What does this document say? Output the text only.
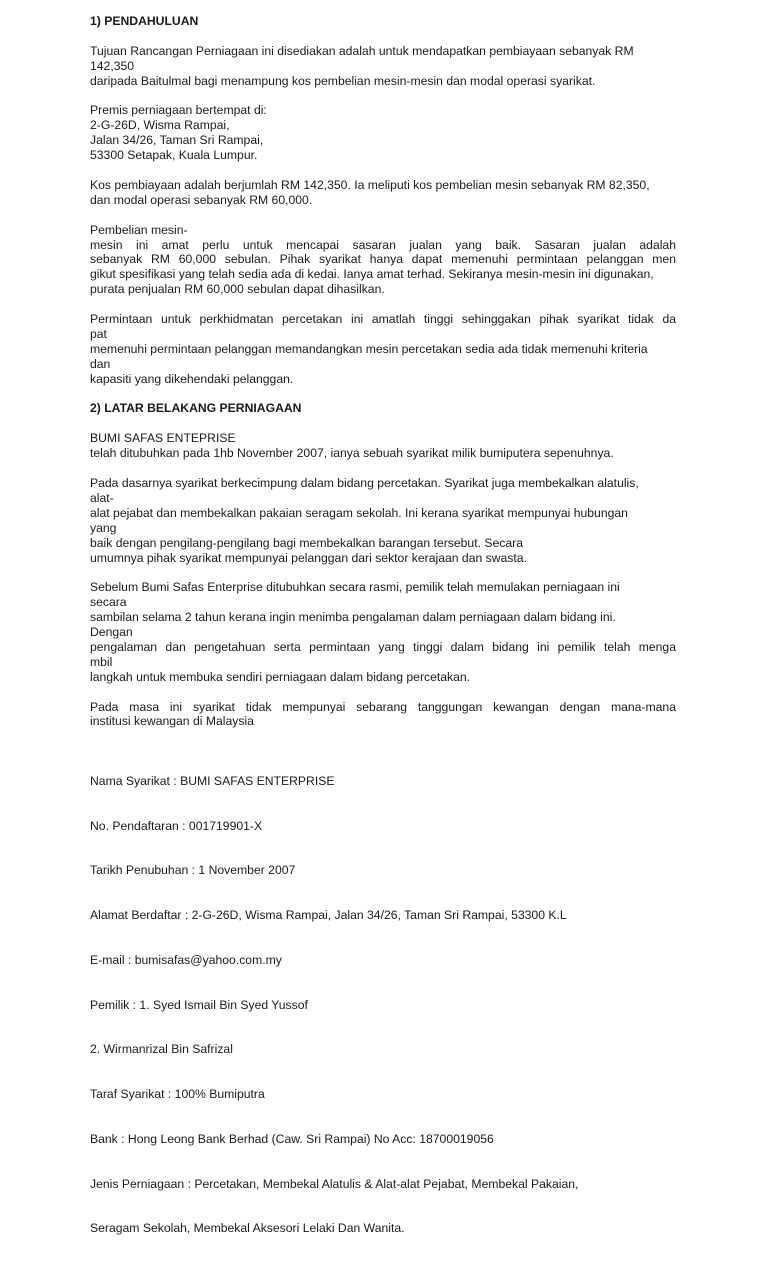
1) PENDAHULUAN
Tujuan Rancangan Perniagaan ini disediakan adalah untuk mendapatkan pembiayaan sebanyak RM
142,350
daripada Baitulmal bagi menampung kos pembelian mesin-mesin dan modal operasi syarikat.
Premis perniagaan bertempat di:
2-G-26D, Wisma Rampai,
Jalan 34/26, Taman Sri Rampai,
53300 Setapak, Kuala Lumpur.
Kos pembiayaan adalah berjumlah RM 142,350. Ia meliputi kos pembelian mesin sebanyak RM 82,350,
dan modal operasi sebanyak RM 60,000.
Pembelian mesin-
mesin ini amat perlu untuk mencapai sasaran jualan yang baik. Sasaran jualan adalah
sebanyak RM 60,000 sebulan. Pihak syarikat hanya dapat memenuhi permintaan pelanggan men
gikut spesifikasi yang telah sedia ada di kedai. Ianya amat terhad. Sekiranya mesin-mesin ini digunakan,
purata penjualan RM 60,000 sebulan dapat dihasilkan.
Permintaan untuk perkhidmatan percetakan ini amatlah tinggi sehinggakan pihak syarikat tidak da
pat
memenuhi permintaan pelanggan memandangkan mesin percetakan sedia ada tidak memenuhi kriteria
dan
kapasiti yang dikehendaki pelanggan.
2) LATAR BELAKANG PERNIAGAAN
BUMI SAFAS ENTEPRISE
telah ditubuhkan pada 1hb November 2007, ianya sebuah syarikat milik bumiputera sepenuhnya.
Pada dasarnya syarikat berkecimpung dalam bidang percetakan. Syarikat juga membekalkan alatulis,
alat-
alat pejabat dan membekalkan pakaian seragam sekolah. Ini kerana syarikat mempunyai hubungan
yang
baik dengan pengilang-pengilang bagi membekalkan barangan tersebut. Secara
umumnya pihak syarikat mempunyai pelanggan dari sektor kerajaan dan swasta.
Sebelum Bumi Safas Enterprise ditubuhkan secara rasmi, pemilik telah memulakan perniagaan ini
secara
sambilan selama 2 tahun kerana ingin menimba pengalaman dalam perniagaan dalam bidang ini.
Dengan
pengalaman dan pengetahuan serta permintaan yang tinggi dalam bidang ini pemilik telah menga
mbil
langkah untuk membuka sendiri perniagaan dalam bidang percetakan.
Pada masa ini syarikat tidak mempunyai sebarang tanggungan kewangan dengan mana-mana
institusi kewangan di Malaysia

Nama Syarikat : BUMI SAFAS ENTERPRISE

No. Pendaftaran : 001719901-X

Tarikh Penubuhan : 1 November 2007

Alamat Berdaftar : 2-G-26D, Wisma Rampai, Jalan 34/26, Taman Sri Rampai, 53300 K.L

E-mail : bumisafas@yahoo.com.my

Pemilik : 1. Syed Ismail Bin Syed Yussof

2. Wirmanrizal Bin Safrizal

Taraf Syarikat : 100% Bumiputra

Bank : Hong Leong Bank Berhad (Caw. Sri Rampai) No Acc: 18700019056

Jenis Perniagaan : Percetakan, Membekal Alatulis & Alat-alat Pejabat, Membekal Pakaian,

Seragam Sekolah, Membekal Aksesori Lelaki Dan Wanita.
